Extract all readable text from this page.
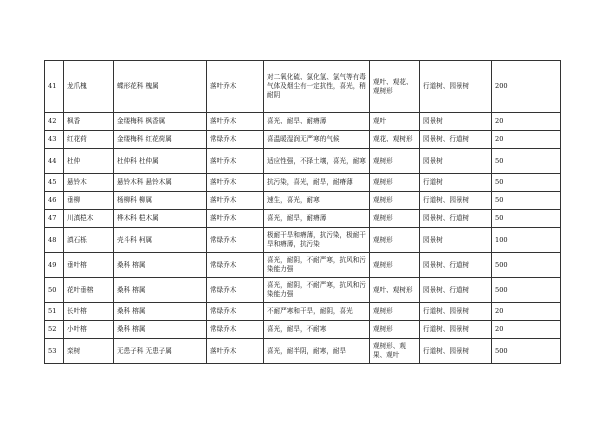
41	龙爪槐	蝶形花科 槐属	落叶乔木	对二氧化硫、氯化氢、氯气等有毒气体及烟尘有一定抗性，喜光，稍耐阴	观叶、观花、观树形	行道树、园景树	200
42	枫香	金缕梅科 枫香属	落叶乔木	喜光、耐旱、耐瘠薄	观叶	园景树	20
43	红花荷	金缕梅科 红花荷属	常绿乔木	喜温暖湿润无严寒的气候	观花、观树形	园景树、行道树	20
44	杜仲	杜仲科 杜仲属	落叶乔木	适应性强，不择土壤，喜光，耐寒	观树形	园景树	50
45	悬铃木	悬铃木科 悬铃木属	落叶乔木	抗污染，喜光，耐旱，耐瘠薄	观树形	行道树	50
46	垂柳	杨柳科 柳属	落叶乔木	速生，喜光，耐寒	观树形	行道树、园景树	50
47	川滇桤木	桦木科 桤木属	落叶乔木	喜光，耐旱，耐瘠薄	观树形	园景树、行道树	50
48	滇石栎	壳斗科 柯属	常绿乔木	极耐干旱和瘠薄，抗污染，极耐干旱和瘠薄，抗污染	观树形	园景树	100
49	垂叶榕	桑科 榕属	常绿乔木	喜光，耐阴，不耐严寒，抗风和污染能力强	观树形	园景树、行道树	500
50	花叶垂榕	桑科 榕属	常绿乔木	喜光，耐阴，不耐严寒，抗风和污染能力强	观叶、观树形	园景树、行道树	500
51	长叶榕	桑科 榕属	常绿乔木	不耐严寒和干旱，耐阴，喜光	观树形	行道树、园景树	20
52	小叶榕	桑科 榕属	常绿乔木	喜光，耐旱，不耐寒	观树形	行道树、园景树	20
53	栾树	无患子科 无患子属	落叶乔木	喜光，耐半阴，耐寒，耐旱	观树形、观果、观叶	行道树、园景树	500
